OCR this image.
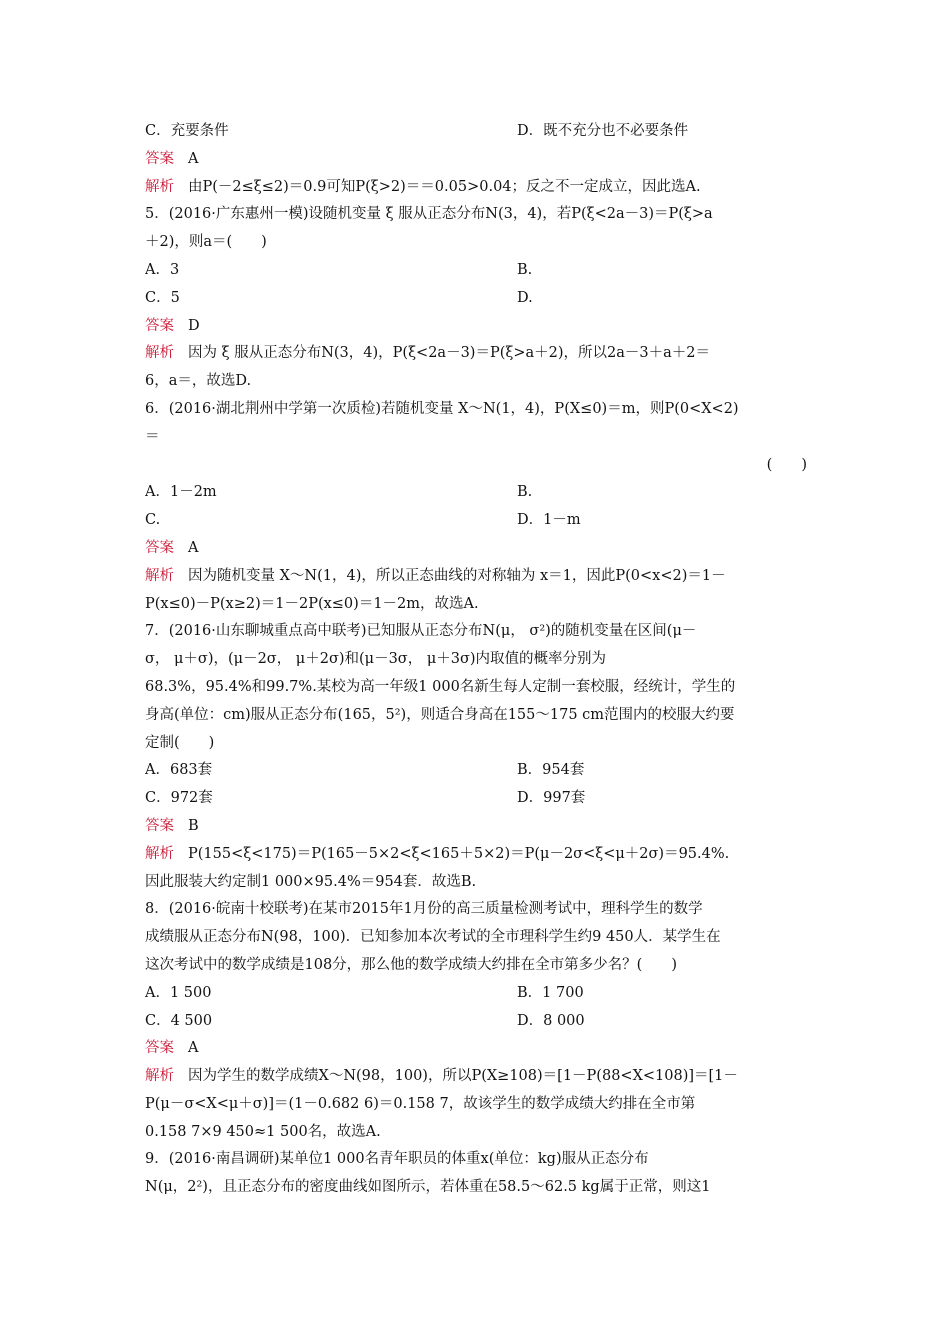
C．充要条件	D．既不充分也不必要条件
答案 A
解析 由P(－2≤ξ≤2)＝0.9可知P(ξ>2)＝＝0.05>0.04；反之不一定成立，因此选A.
5．(2016·广东惠州一模)设随机变量 ξ 服从正态分布N(3，4)，若P(ξ<2a－3)＝P(ξ>a
＋2)，则a＝(　　)
A．3	B.
C．5	D.
答案 D
解析 因为 ξ 服从正态分布N(3，4)，P(ξ<2a－3)＝P(ξ>a＋2)，所以2a－3＋a＋2＝
6，a＝，故选D.
6．(2016·湖北荆州中学第一次质检)若随机变量 X～N(1，4)，P(X≤0)＝m，则P(0<X<2)
＝
(　　)
A．1－2m	B.
C.	D．1－m
答案 A
解析 因为随机变量 X～N(1，4)，所以正态曲线的对称轴为 x＝1，因此P(0<x<2)＝1－
P(x≤0)－P(x≥2)＝1－2P(x≤0)＝1－2m，故选A.
7．(2016·山东聊城重点高中联考)已知服从正态分布N(μ， σ²)的随机变量在区间(μ－
σ， μ＋σ)，(μ－2σ， μ＋2σ)和(μ－3σ， μ＋3σ)内取值的概率分别为
68.3%，95.4%和99.7%.某校为高一年级1 000名新生每人定制一套校服，经统计，学生的
身高(单位：cm)服从正态分布(165，5²)，则适合身高在155～175 cm范围内的校服大约要
定制(　　)
A．683套	B．954套
C．972套	D．997套
答案 B
解析 P(155<ξ<175)＝P(165－5×2<ξ<165＋5×2)＝P(μ－2σ<ξ<μ＋2σ)＝95.4%.
因此服装大约定制1 000×95.4%＝954套．故选B.
8．(2016·皖南十校联考)在某市2015年1月份的高三质量检测考试中，理科学生的数学
成绩服从正态分布N(98，100)．已知参加本次考试的全市理科学生约9 450人．某学生在
这次考试中的数学成绩是108分，那么他的数学成绩大约排在全市第多少名？(　　)
A．1 500	B．1 700
C．4 500	D．8 000
答案 A
解析 因为学生的数学成绩X～N(98，100)，所以P(X≥108)＝[1－P(88<X<108)]＝[1－
P(μ－σ<X<μ＋σ)]＝(1－0.682 6)＝0.158 7，故该学生的数学成绩大约排在全市第
0.158 7×9 450≈1 500名，故选A.
9．(2016·南昌调研)某单位1 000名青年职员的体重x(单位：kg)服从正态分布
N(μ，2²)，且正态分布的密度曲线如图所示，若体重在58.5～62.5 kg属于正常，则这1
